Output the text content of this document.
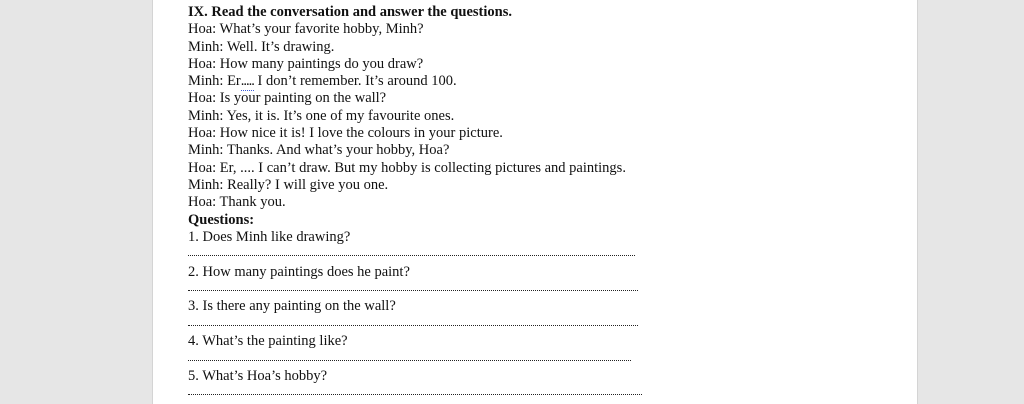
IX. Read the conversation and answer the questions.
Hoa: What’s your favorite hobby, Minh?
Minh: Well. It’s drawing.
Hoa: How many paintings do you draw?
Minh: Er..... I don’t remember. It’s around 100.
Hoa: Is your painting on the wall?
Minh: Yes, it is. It’s one of my favourite ones.
Hoa: How nice it is! I love the colours in your picture.
Minh: Thanks. And what’s your hobby, Hoa?
Hoa: Er, .... I can’t draw. But my hobby is collecting pictures and paintings.
Minh: Really? I will give you one.
Hoa: Thank you.
Questions:
1. Does Minh like drawing?
2. How many paintings does he paint?
3. Is there any painting on the wall?
4. What’s the painting like?
5. What’s Hoa’s hobby?
